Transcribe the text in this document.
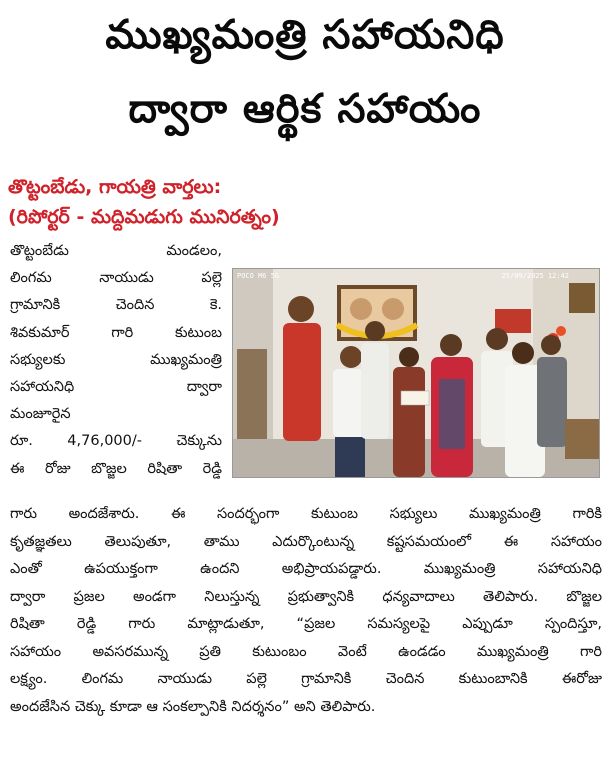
ముఖ్యమంత్రి సహాయనిధి
ద్వారా ఆర్థిక సహాయం
తొట్టంబేడు, గాయత్రి వార్తలు:
(రిపోర్టర్ - మద్దిమడుగు మునిరత్నం)
తొట్టంబేడు మండలం,
లింగమ నాయుడు పల్లె
గ్రామానికి చెందిన కె.
శివకుమార్ గారి కుటుంబ
సభ్యులకు ముఖ్యమంత్రి
సహాయనిధి ద్వారా
మంజూరైన
రూ. 4,76,000/- చెక్కును
ఈ రోజు బొజ్జల రిషితా రెడ్డి
POCO M6 5G	25/09/2025 12:42
గారు అందజేశారు. ఈ సందర్భంగా కుటుంబ సభ్యులు ముఖ్యమంత్రి గారికి
కృతజ్ఞతలు తెలుపుతూ, తాము ఎదుర్కొంటున్న కష్టసమయంలో ఈ సహాయం
ఎంతో ఉపయుక్తంగా ఉందని అభిప్రాయపడ్డారు. ముఖ్యమంత్రి సహాయనిధి
ద్వారా ప్రజల అండగా నిలుస్తున్న ప్రభుత్వానికి ధన్యవాదాలు తెలిపారు. బొజ్జల
రిషితా రెడ్డి గారు మాట్లాడుతూ, “ప్రజల సమస్యలపై ఎప్పుడూ స్పందిస్తూ,
సహాయం అవసరమున్న ప్రతి కుటుంబం వెంటే ఉండడం ముఖ్యమంత్రి గారి
లక్ష్యం. లింగమ నాయుడు పల్లె గ్రామానికి చెందిన కుటుంబానికి ఈరోజు
అందజేసిన చెక్కు కూడా ఆ సంకల్పానికి నిదర్శనం” అని తెలిపారు.
